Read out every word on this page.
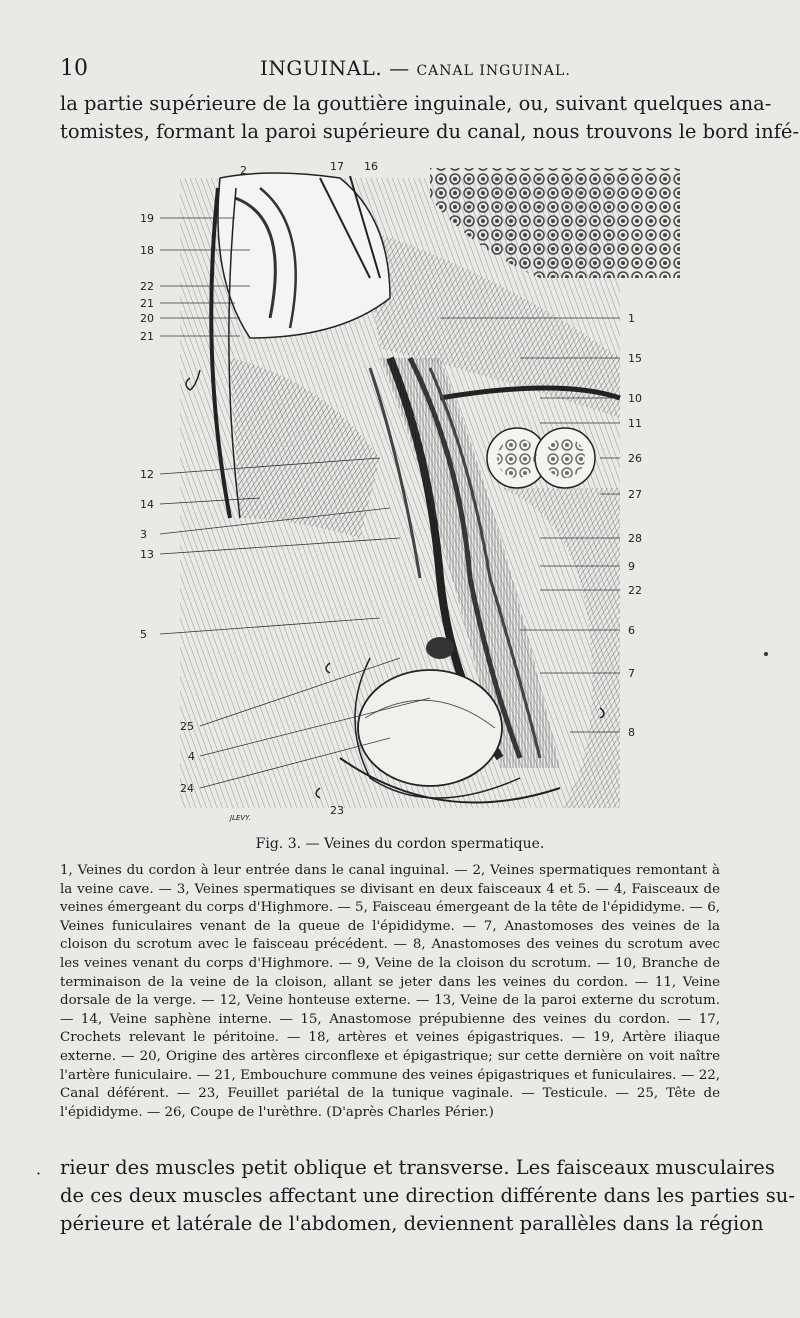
10	INGUINAL. — CANAL INGUINAL.
la partie supérieure de la gouttière inguinale, ou, suivant quelques ana-
tomistes, formant la paroi supérieure du canal, nous trouvons le bord infé-
17 16
2
19
18
22
21
20
21
1
15
10
11
26
12
27
14
3	28
13
9
22
5	6
7
25	8
4
24
23
JLEVY.
Fig. 3. — Veines du cordon spermatique.
1, Veines du cordon à leur entrée dans le canal inguinal. — 2, Veines spermatiques remontant à la veine cave. — 3, Veines spermatiques se divisant en deux faisceaux 4 et 5. — 4, Faisceaux de veines émergeant du corps d'Highmore. — 5, Faisceau émergeant de la tête de l'épididyme. — 6, Veines funiculaires venant de la queue de l'épididyme. — 7, Anastomoses des veines de la cloison du scrotum avec le faisceau précédent. — 8, Anastomoses des veines du scrotum avec les veines venant du corps d'Highmore. — 9, Veine de la cloison du scrotum. — 10, Branche de terminaison de la veine de la cloison, allant se jeter dans les veines du cordon. — 11, Veine dorsale de la verge. — 12, Veine honteuse externe. — 13, Veine de la paroi externe du scrotum. — 14, Veine saphène interne. — 15, Anastomose prépubienne des veines du cordon. — 17, Crochets relevant le péritoine. — 18, artères et veines épigastriques. — 19, Artère iliaque externe. — 20, Origine des artères circonflexe et épigastrique; sur cette dernière on voit naître l'artère funiculaire. — 21, Embouchure commune des veines épigastriques et funiculaires. — 22, Canal déférent. — 23, Feuillet pariétal de la tunique vaginale. — Testicule. — 25, Tête de l'épididyme. — 26, Coupe de l'urèthre. (D'après Charles Périer.)
· rieur des muscles petit oblique et transverse. Les faisceaux musculaires
de ces deux muscles affectant une direction différente dans les parties su-
périeure et latérale de l'abdomen, deviennent parallèles dans la région
